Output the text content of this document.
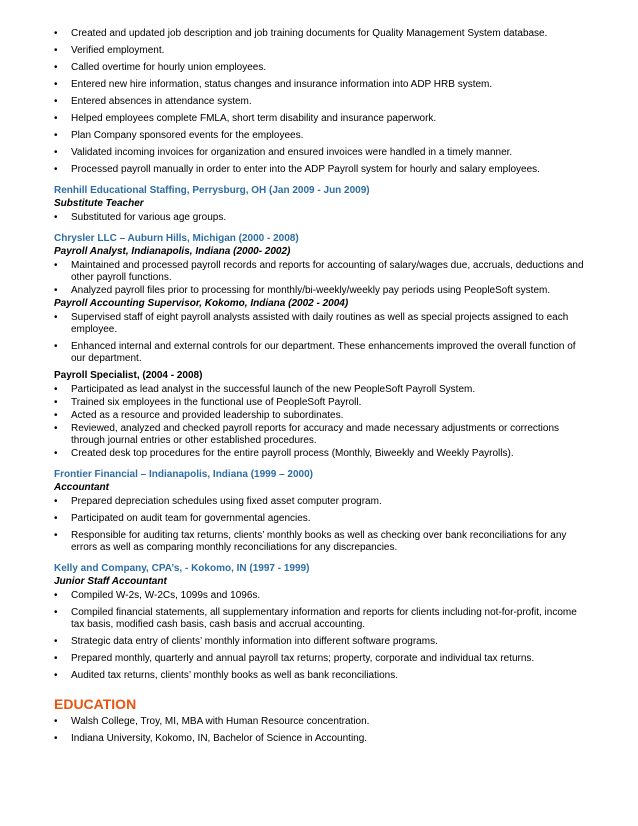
• Created and updated job description and job training documents for Quality Management System database.
• Verified employment.
• Called overtime for hourly union employees.
• Entered new hire information, status changes and insurance information into ADP HRB system.
• Entered absences in attendance system.
• Helped employees complete FMLA, short term disability and insurance paperwork.
• Plan Company sponsored events for the employees.
• Validated incoming invoices for organization and ensured invoices were handled in a timely manner.
• Processed payroll manually in order to enter into the ADP Payroll system for hourly and salary employees.
Renhill Educational Staffing, Perrysburg, OH (Jan 2009 - Jun 2009)
Substitute Teacher
• Substituted for various age groups.
Chrysler LLC – Auburn Hills, Michigan (2000 - 2008)
Payroll Analyst, Indianapolis, Indiana (2000- 2002)
• Maintained and processed payroll records and reports for accounting of salary/wages due, accruals, deductions and other payroll functions.
• Analyzed payroll files prior to processing for monthly/bi-weekly/weekly pay periods using PeopleSoft system.
Payroll Accounting Supervisor, Kokomo, Indiana (2002 - 2004)
• Supervised staff of eight payroll analysts assisted with daily routines as well as special projects assigned to each employee.
• Enhanced internal and external controls for our department. These enhancements improved the overall function of our department.
Payroll Specialist, (2004 - 2008)
• Participated as lead analyst in the successful launch of the new PeopleSoft Payroll System.
• Trained six employees in the functional use of PeopleSoft Payroll.
• Acted as a resource and provided leadership to subordinates.
• Reviewed, analyzed and checked payroll reports for accuracy and made necessary adjustments or corrections through journal entries or other established procedures.
• Created desk top procedures for the entire payroll process (Monthly, Biweekly and Weekly Payrolls).
Frontier Financial – Indianapolis, Indiana (1999 – 2000)
Accountant
• Prepared depreciation schedules using fixed asset computer program.
• Participated on audit team for governmental agencies.
• Responsible for auditing tax returns, clients’ monthly books as well as checking over bank reconciliations for any errors as well as comparing monthly reconciliations for any discrepancies.
Kelly and Company, CPA’s, - Kokomo, IN (1997 - 1999)
Junior Staff Accountant
• Compiled W-2s, W-2Cs, 1099s and 1096s.
• Compiled financial statements, all supplementary information and reports for clients including not-for-profit, income tax basis, modified cash basis, cash basis and accrual accounting.
• Strategic data entry of clients’ monthly information into different software programs.
• Prepared monthly, quarterly and annual payroll tax returns; property, corporate and individual tax returns.
• Audited tax returns, clients’ monthly books as well as bank reconciliations.
EDUCATION
• Walsh College, Troy, MI, MBA with Human Resource concentration.
• Indiana University, Kokomo, IN, Bachelor of Science in Accounting.
